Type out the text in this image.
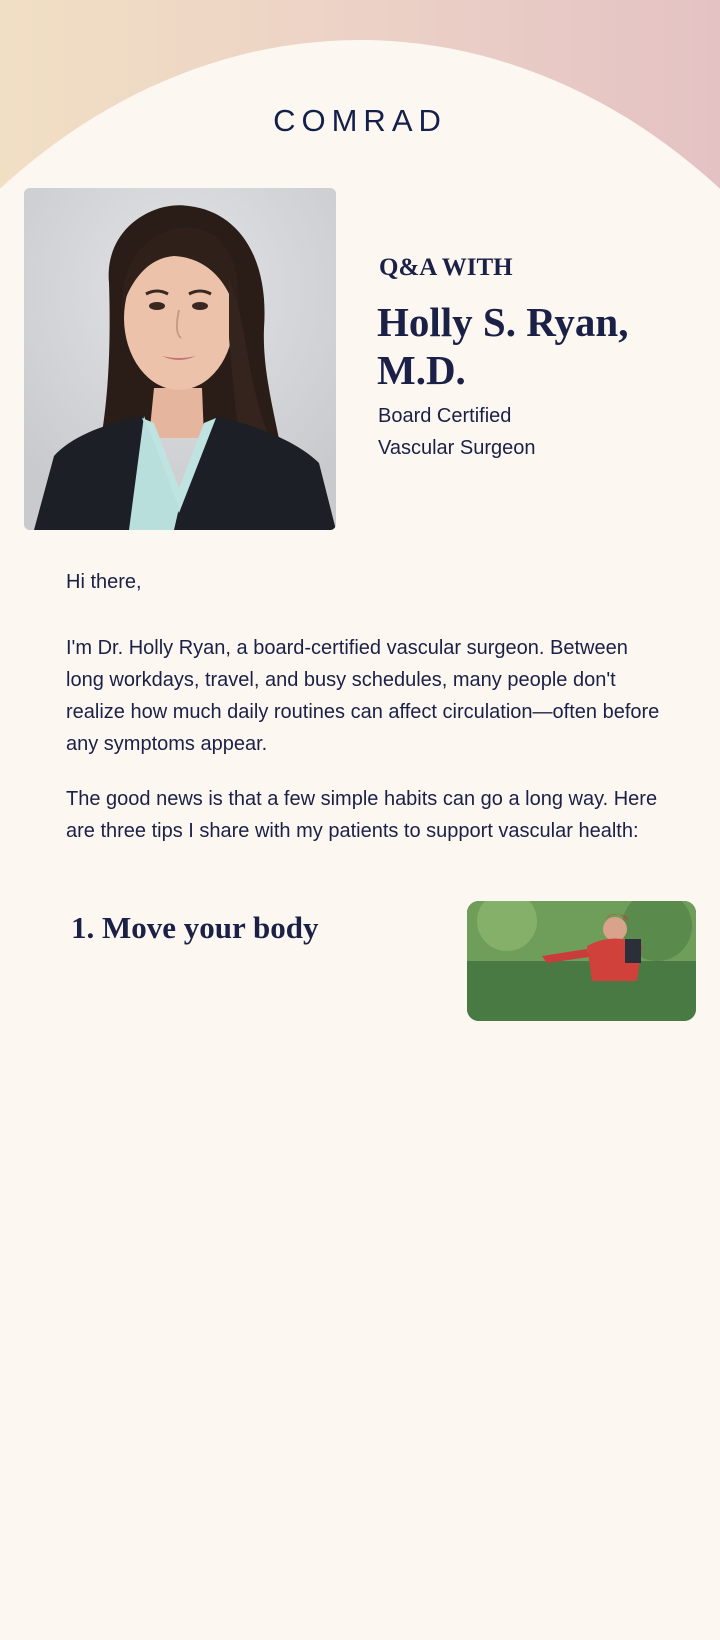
COMRAD
Q&A WITH
Holly S. Ryan, M.D.
Board Certified
Vascular Surgeon
Hi there,
I'm Dr. Holly Ryan, a board-certified vascular surgeon. Between long workdays, travel, and busy schedules, many people don't realize how much daily routines can affect circulation—often before any symptoms appear.
The good news is that a few simple habits can go a long way. Here are three tips I share with my patients to support vascular health:
1. Move your body
